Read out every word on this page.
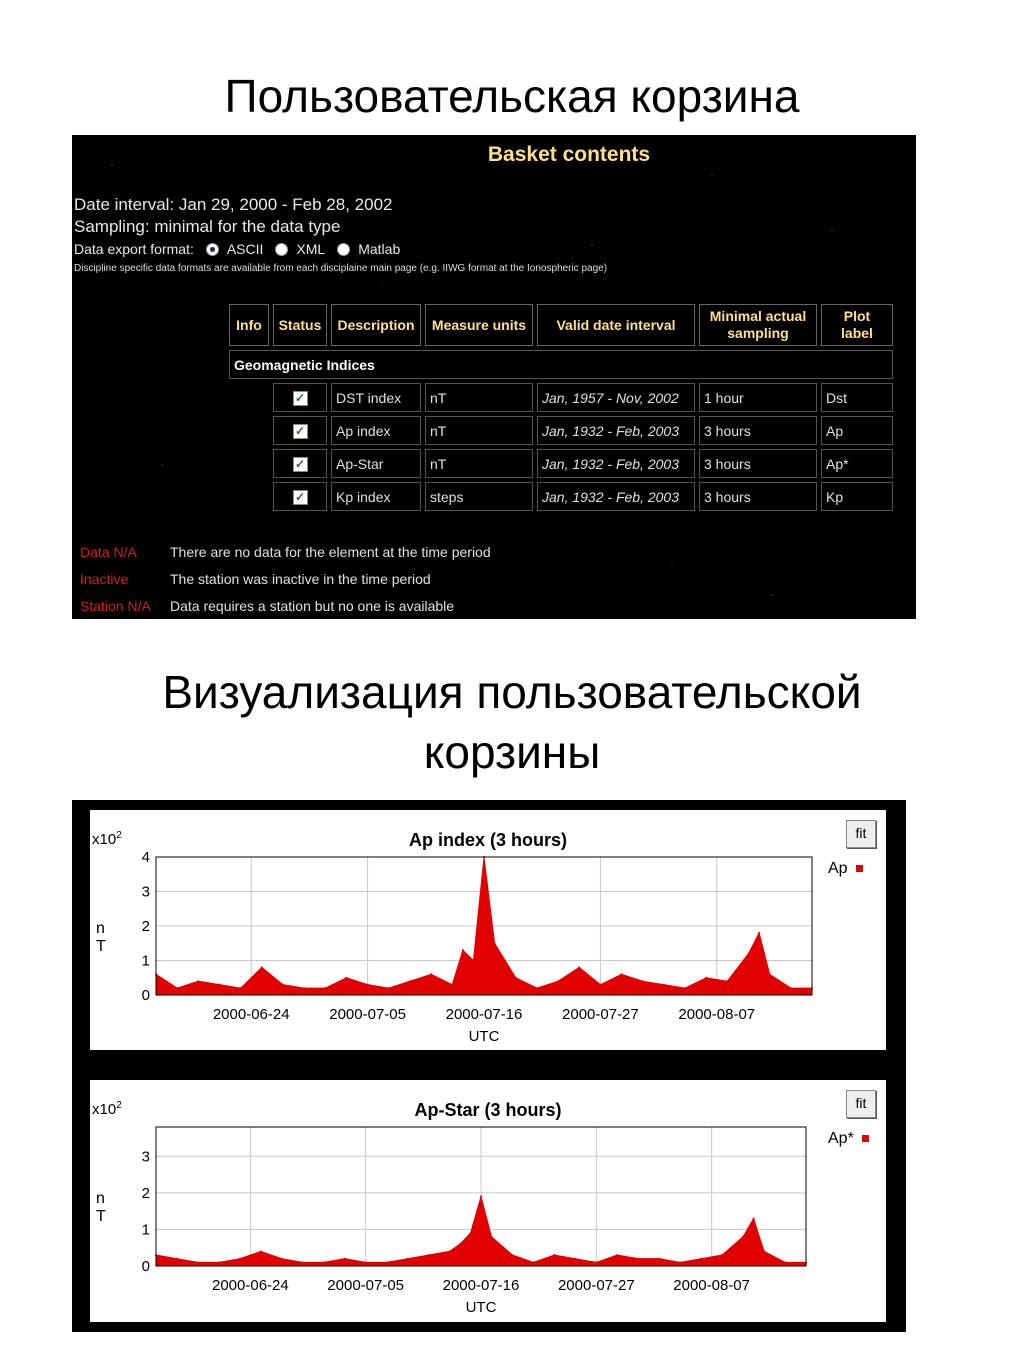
Пользовательская корзина
Basket contents
Date interval: Jan 29, 2000 - Feb 28, 2002
Sampling: minimal for the data type
Data export format: ASCII XML Matlab
Discipline specific data formats are available from each disciplaine main page (e.g. IIWG format at the Ionospheric page)
Info	Status	Description	Measure units	Valid date interval	Minimal actual sampling	Plot label
Geomagnetic Indices						
	✓	DST index	nT	Jan, 1957 - Nov, 2002	1 hour	Dst
	✓	Ap index	nT	Jan, 1932 - Feb, 2003	3 hours	Ap
	✓	Ap-Star	nT	Jan, 1932 - Feb, 2003	3 hours	Ap*
	✓	Kp index	steps	Jan, 1932 - Feb, 2003	3 hours	Kp
Data N/A There are no data for the element at the time period
Inactive	The station was inactive in the time period
Station N/A Data requires a station but no one is available
Визуализация пользовательской
корзины
2000-06-24	2000-07-05	2000-07-16	2000-07-27	2000-08-07
0
1
2
3
4
UTC
$x10^2$
n
T
Ap index (3 hours)	fit
Ap
2000-06-24	2000-07-05	2000-07-16	2000-07-27	2000-08-07
0
1
2
3
UTC
$x10^2$
n
T
Ap-Star (3 hours)	fit
Ap*
